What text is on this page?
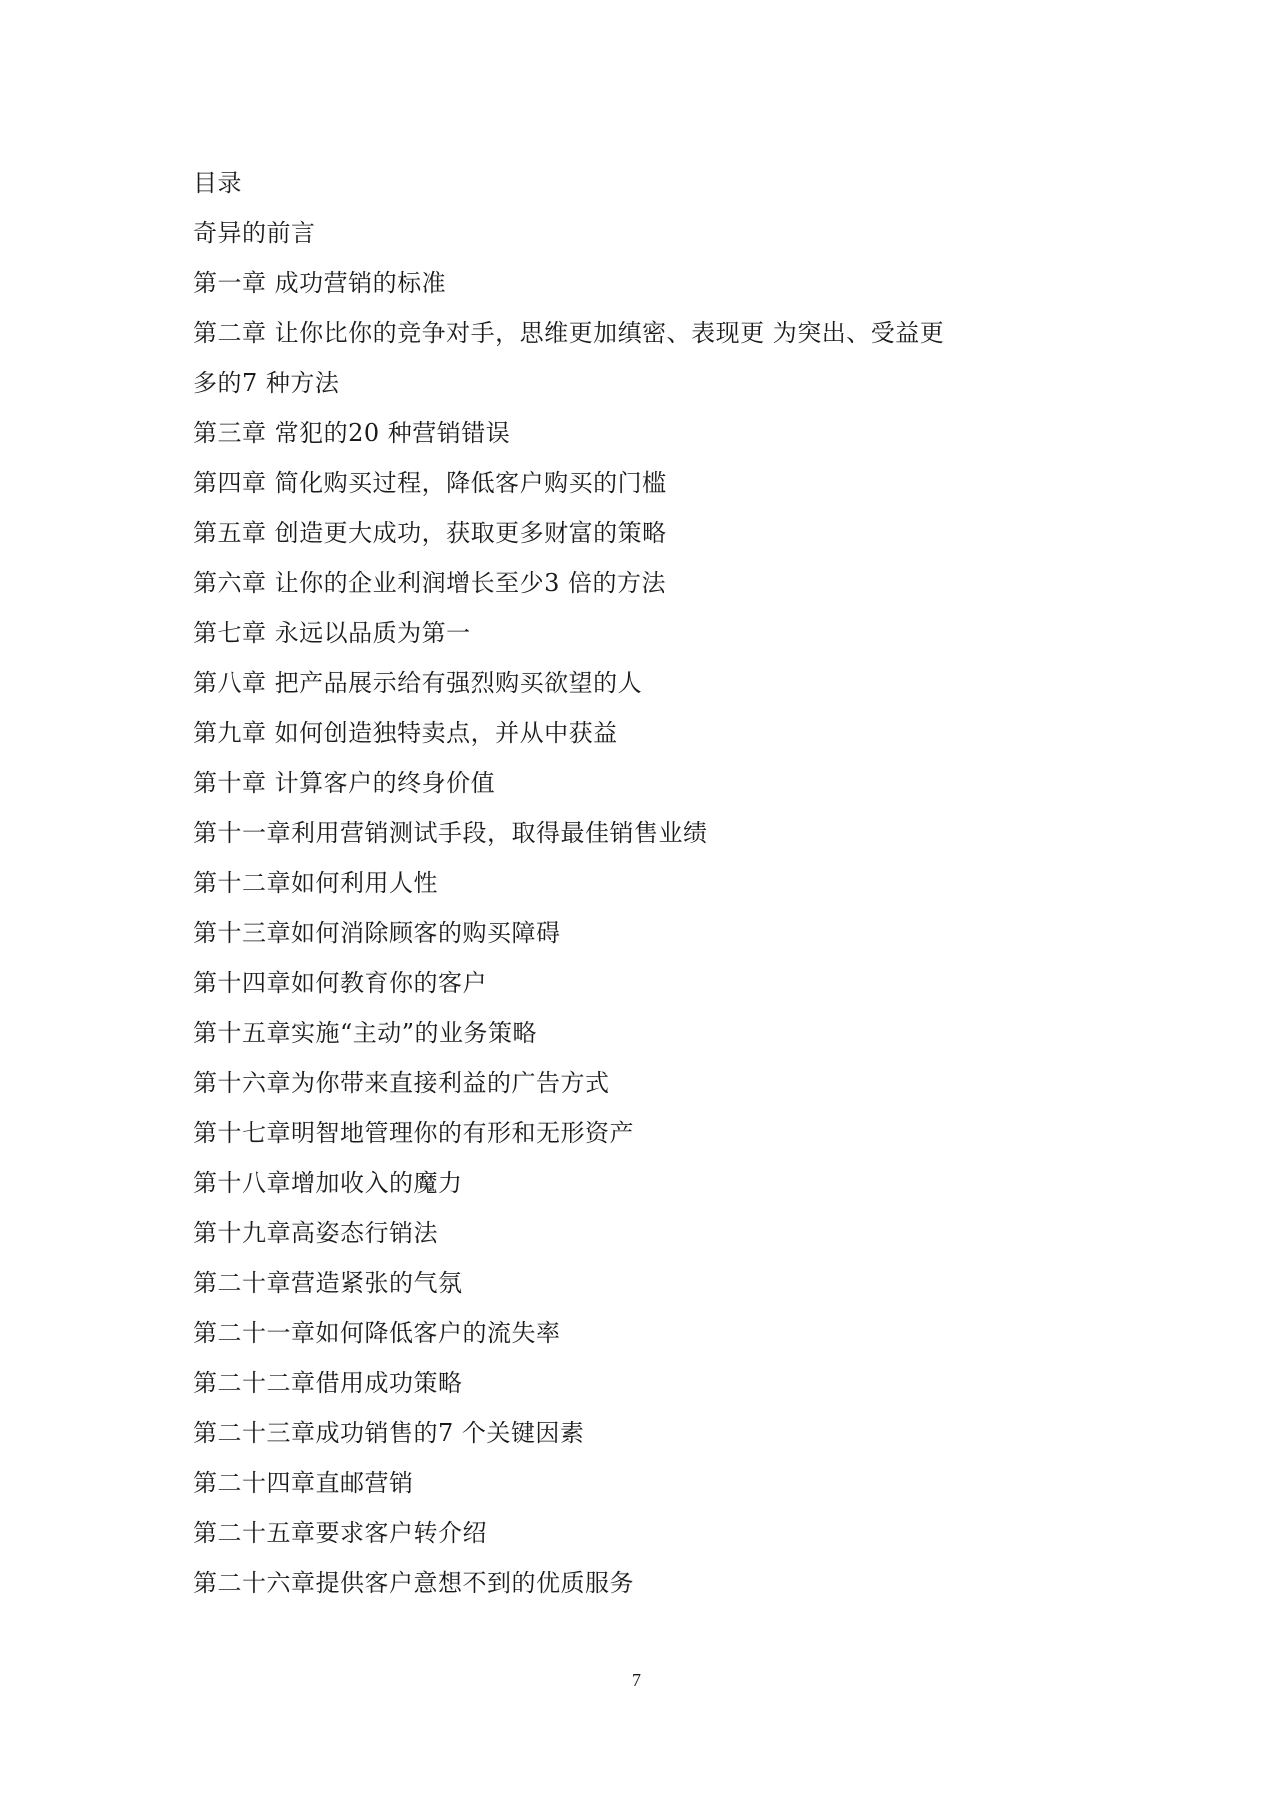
目录
奇异的前言
第一章 成功营销的标准
第二章 让你比你的竞争对手，思维更加缜密、表现更 为突出、受益更
多的7 种方法
第三章 常犯的20 种营销错误
第四章 简化购买过程，降低客户购买的门槛
第五章 创造更大成功，获取更多财富的策略
第六章 让你的企业利润增长至少3 倍的方法
第七章 永远以品质为第一
第八章 把产品展示给有强烈购买欲望的人
第九章 如何创造独特卖点，并从中获益
第十章 计算客户的终身价值
第十一章利用营销测试手段，取得最佳销售业绩
第十二章如何利用人性
第十三章如何消除顾客的购买障碍
第十四章如何教育你的客户
第十五章实施“主动”的业务策略
第十六章为你带来直接利益的广告方式
第十七章明智地管理你的有形和无形资产
第十八章增加收入的魔力
第十九章高姿态行销法
第二十章营造紧张的气氛
第二十一章如何降低客户的流失率
第二十二章借用成功策略
第二十三章成功销售的7 个关键因素
第二十四章直邮营销
第二十五章要求客户转介绍
第二十六章提供客户意想不到的优质服务
7
